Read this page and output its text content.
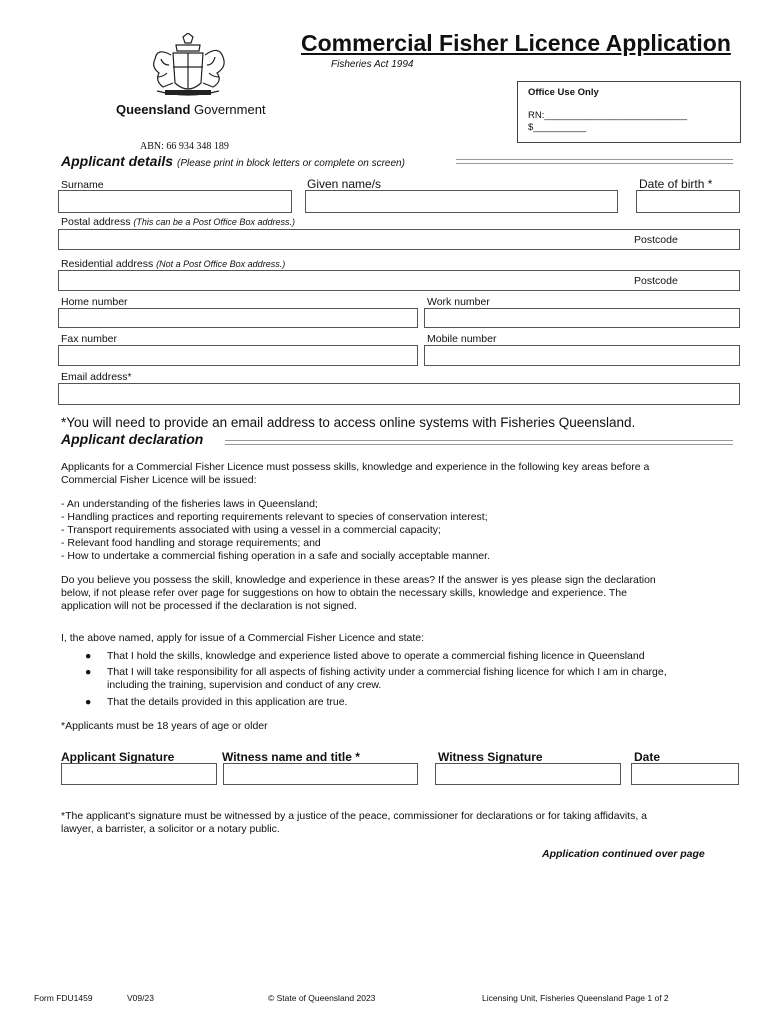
Commercial Fisher Licence Application
Fisheries Act 1994
Queensland Government
ABN: 66 934 348 189
Office Use Only
RN:___________________________
$__________
Applicant details (Please print in block letters or complete on screen)
Surname	Given name/s	Date of birth *
Postal address (This can be a Post Office Box address.)
Postcode
Residential address (Not a Post Office Box address.)
Postcode
Home number	Work number
Fax number	Mobile number
Email address*
*You will need to provide an email address to access online systems with Fisheries Queensland.
Applicant declaration

Applicants for a Commercial Fisher Licence must possess skills, knowledge and experience in the following key areas before a

Commercial Fisher Licence will be issued:

- An understanding of the fisheries laws in Queensland;

- Handling practices and reporting requirements relevant to species of conservation interest;

- Transport requirements associated with using a vessel in a commercial capacity;

- Relevant food handling and storage requirements; and

- How to undertake a commercial fishing operation in a safe and socially acceptable manner.

Do you believe you possess the skill, knowledge and experience in these areas? If the answer is yes please sign the declaration

below, if not please refer over page for suggestions on how to obtain the necessary skills, knowledge and experience. The

application will not be processed if the declaration is not signed.

I, the above named, apply for issue of a Commercial Fisher Licence and state:
● That I hold the skills, knowledge and experience listed above to operate a commercial fishing licence in Queensland
● That I will take responsibility for all aspects of fishing activity under a commercial fishing licence for which I am in charge,
including the training, supervision and conduct of any crew.
● That the details provided in this application are true.
*Applicants must be 18 years of age or older
Applicant Signature	Witness name and title *	Witness Signature	Date

*The applicant's signature must be witnessed by a justice of the peace, commissioner for declarations or for taking affidavits, a

lawyer, a barrister, a solicitor or a notary public.

Application continued over page
Form FDU1459	V09/23	© State of Queensland 2023	Licensing Unit, Fisheries Queensland Page 1 of 2
